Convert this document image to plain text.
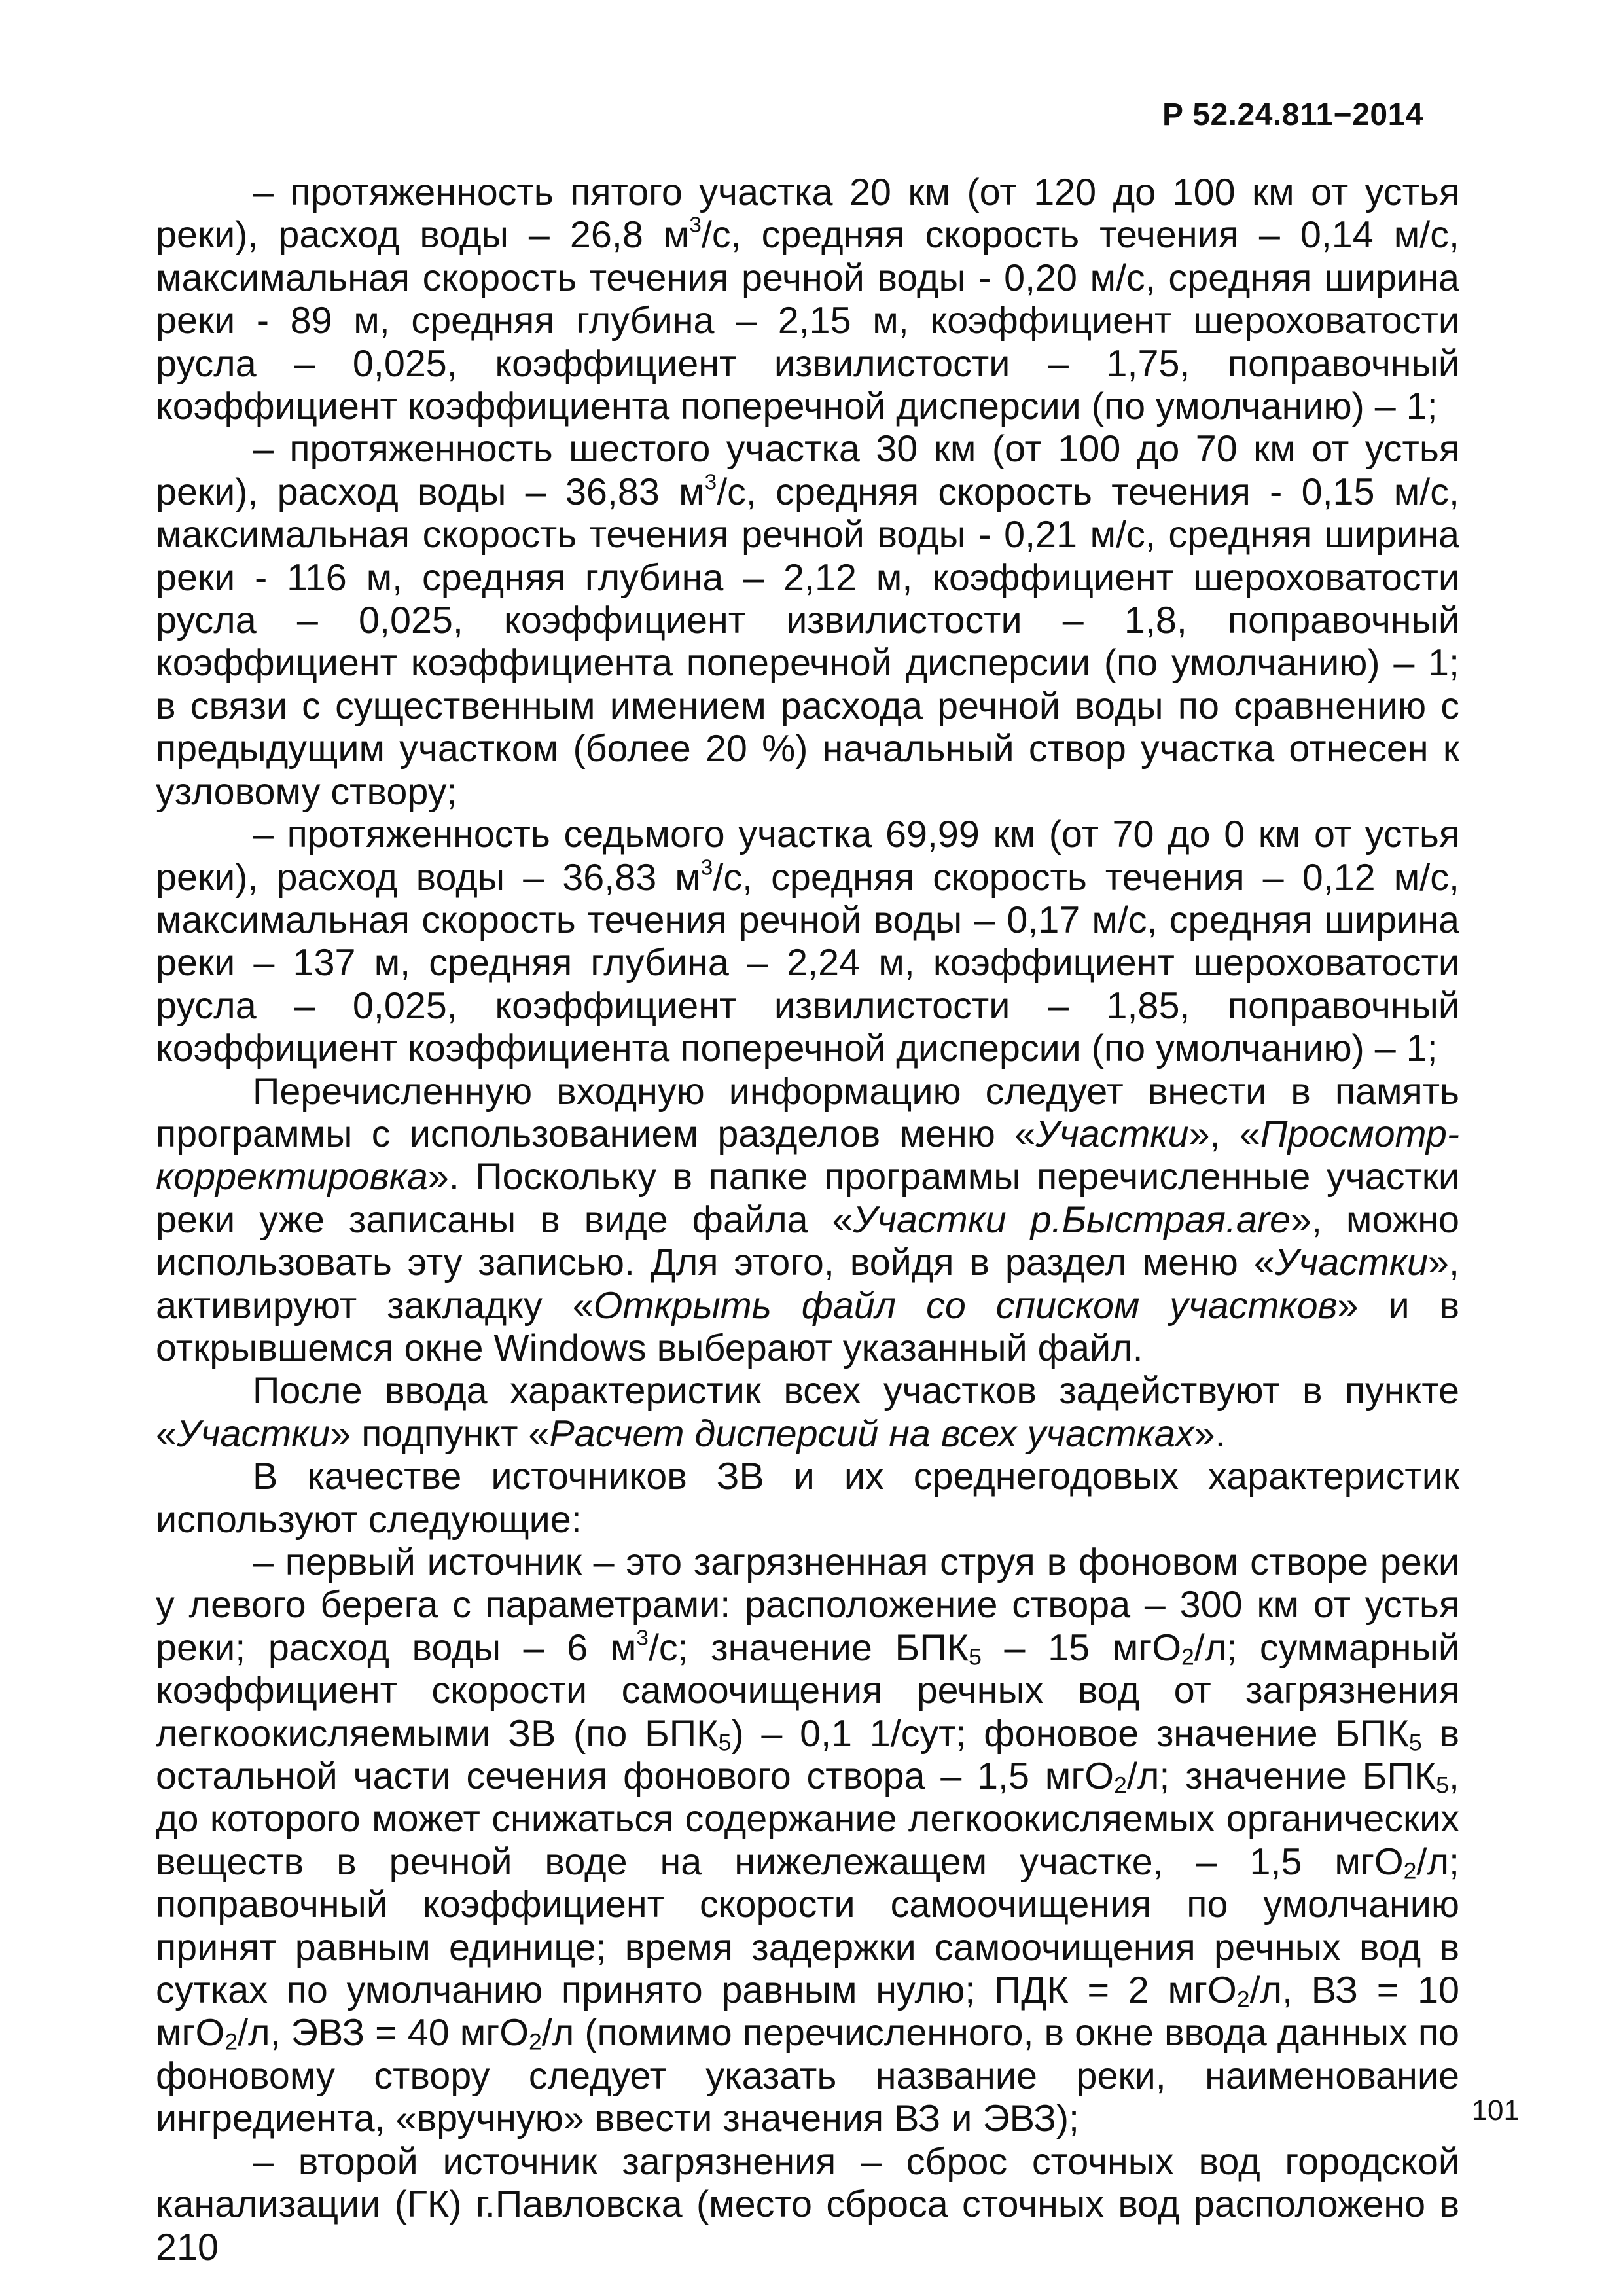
Р 52.24.811−2014

– протяженность пятого участка 20 км (от 120 до 100 км от устья реки), расход воды – 26,8 $м^3/с$, средняя скорость течения – 0,14 м/с, максимальная скорость течения речной воды - 0,20 м/с, средняя ширина реки - 89 м, средняя глубина – 2,15 м, коэффициент шероховатости русла – 0,025, коэффициент извилистости – 1,75, поправочный коэффициент коэффициента поперечной дисперсии (по умолчанию) – 1;

– протяженность шестого участка 30 км (от 100 до 70 км от устья реки), расход воды – 36,83 $м^3/с$, средняя скорость течения - 0,15 м/с, максимальная скорость течения речной воды - 0,21 м/с, средняя ширина реки - 116 м, средняя глубина – 2,12 м, коэффициент шероховатости русла – 0,025, коэффициент извилистости – 1,8, поправочный коэффициент коэффициента поперечной дисперсии (по умолчанию) – 1; в связи с существенным имением расхода речной воды по сравнению с предыдущим участком (более 20 %) начальный створ участка отнесен к узловому створу;

– протяженность седьмого участка 69,99 км (от 70 до 0 км от устья реки), расход воды – 36,83 $м^3/с$, средняя скорость течения – 0,12 м/с, максимальная скорость течения речной воды – 0,17 м/с, средняя ширина реки – 137 м, средняя глубина – 2,24 м, коэффициент шероховатости русла – 0,025, коэффициент извилистости – 1,85, поправочный коэффициент коэффициента поперечной дисперсии (по умолчанию) – 1;

Перечисленную входную информацию следует внести в память программы с использованием разделов меню «Участки», «Просмотр-корректировка». Поскольку в папке программы перечисленные участки реки уже записаны в виде файла «Участки р.Быстрая.are», можно использовать эту записью. Для этого, войдя в раздел меню «Участки», активируют закладку «Открыть файл со списком участков» и в открывшемся окне Windows выберают указанный файл.

После ввода характеристик всех участков задействуют в пункте «Участки» подпункт «Расчет дисперсий на всех участках».

В качестве источников ЗВ и их среднегодовых характеристик используют следующие:

– первый источник – это загрязненная струя в фоновом створе реки у левого берега с параметрами: расположение створа – 300 км от устья реки; расход воды – 6 $м^3/с$; значение $БПК_5 - 15$ мгО$_2$/л; суммарный коэффициент скорости самоочищения речных вод от загрязнения легкоокисляемыми ЗВ (по $БПК_5) - 0,1$ 1/сут; фоновое значение $БПК_5$ в остальной части сечения фонового створа – 1,5 мгО$_2$/л; значение $БПК_5$, до которого может снижаться содержание легкоокисляемых органических веществ в речной воде на нижележащем участке, – 1,5 мгО$_2$/л; поправочный коэффициент скорости самоочищения по умолчанию принят равным единице; время задержки самоочищения речных вод в сутках по умолчанию принято равным нулю; ПДК = 2 мгО$_2$/л, ВЗ = 10 мгО$_2$/л, ЭВЗ = 40 мгО$_2$/л (помимо перечисленного, в окне ввода данных по фоновому створу следует указать название реки, наименование ингредиента, «вручную» ввести значения ВЗ и ЭВЗ);

– второй источник загрязнения – сброс сточных вод городской канализации (ГК) г.Павловска (место сброса сточных вод расположено в 210

101
